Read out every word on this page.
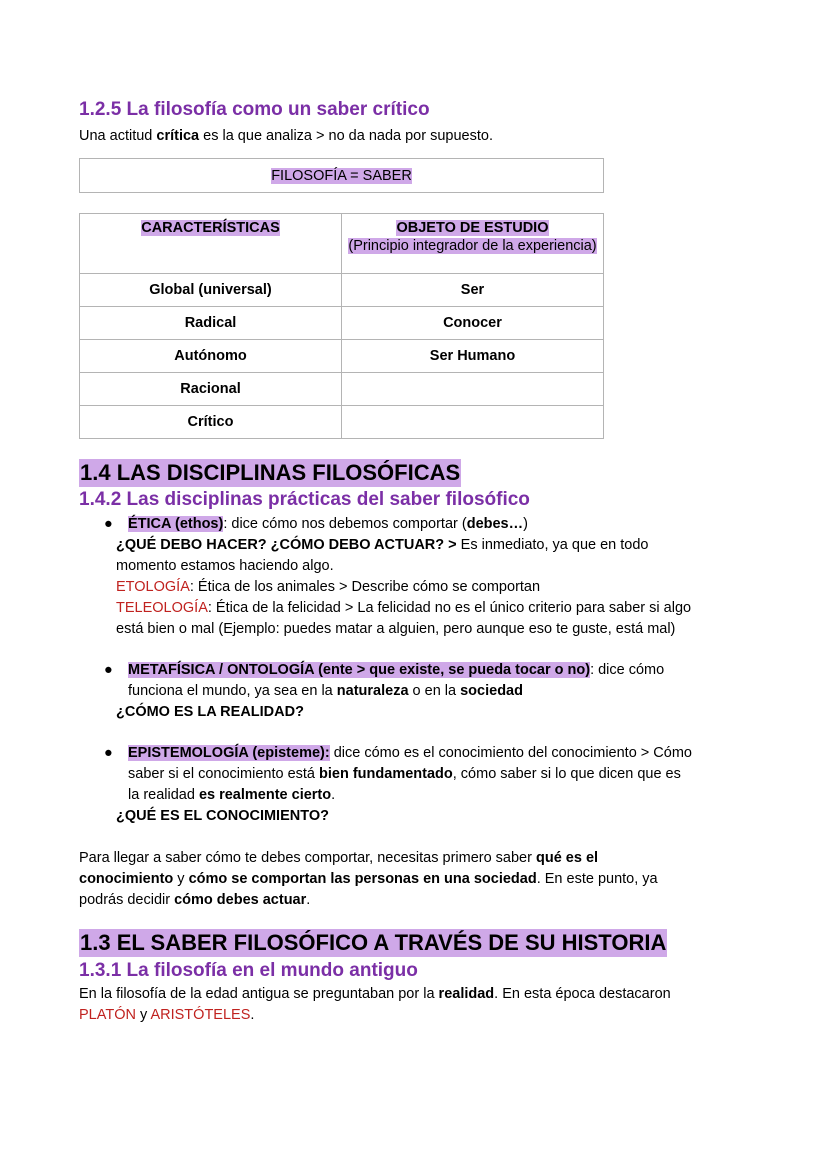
1.2.5 La filosofía como un saber crítico

Una actitud crítica es la que analiza > no da nada por supuesto.

FILOSOFÍA = SABER
CARACTERÍSTICAS	OBJETO DE ESTUDIO
(Principio integrador de la experiencia)
Global (universal)	Ser
Radical	Conocer
Autónomo	Ser Humano
Racional	
Crítico	
1.4 LAS DISCIPLINAS FILOSÓFICAS
1.4.2 Las disciplinas prácticas del saber filosófico
● ÉTICA (ethos): dice cómo nos debemos comportar (debes…)
¿QUÉ DEBO HACER? ¿CÓMO DEBO ACTUAR? > Es inmediato, ya que en todo
momento estamos haciendo algo.
ETOLOGÍA: Ética de los animales > Describe cómo se comportan
TELEOLOGÍA: Ética de la felicidad > La felicidad no es el único criterio para saber si algo
está bien o mal (Ejemplo: puedes matar a alguien, pero aunque eso te guste, está mal)
● METAFÍSICA / ONTOLOGÍA (ente > que existe, se pueda tocar o no): dice cómo
funciona el mundo, ya sea en la naturaleza o en la sociedad
¿CÓMO ES LA REALIDAD?
● EPISTEMOLOGÍA (episteme): dice cómo es el conocimiento del conocimiento > Cómo
saber si el conocimiento está bien fundamentado, cómo saber si lo que dicen que es
la realidad es realmente cierto.
¿QUÉ ES EL CONOCIMIENTO?
Para llegar a saber cómo te debes comportar, necesitas primero saber qué es el
conocimiento y cómo se comportan las personas en una sociedad. En este punto, ya
podrás decidir cómo debes actuar.
1.3 EL SABER FILOSÓFICO A TRAVÉS DE SU HISTORIA
1.3.1 La filosofía en el mundo antiguo
En la filosofía de la edad antigua se preguntaban por la realidad. En esta época destacaron
PLATÓN y ARISTÓTELES.
